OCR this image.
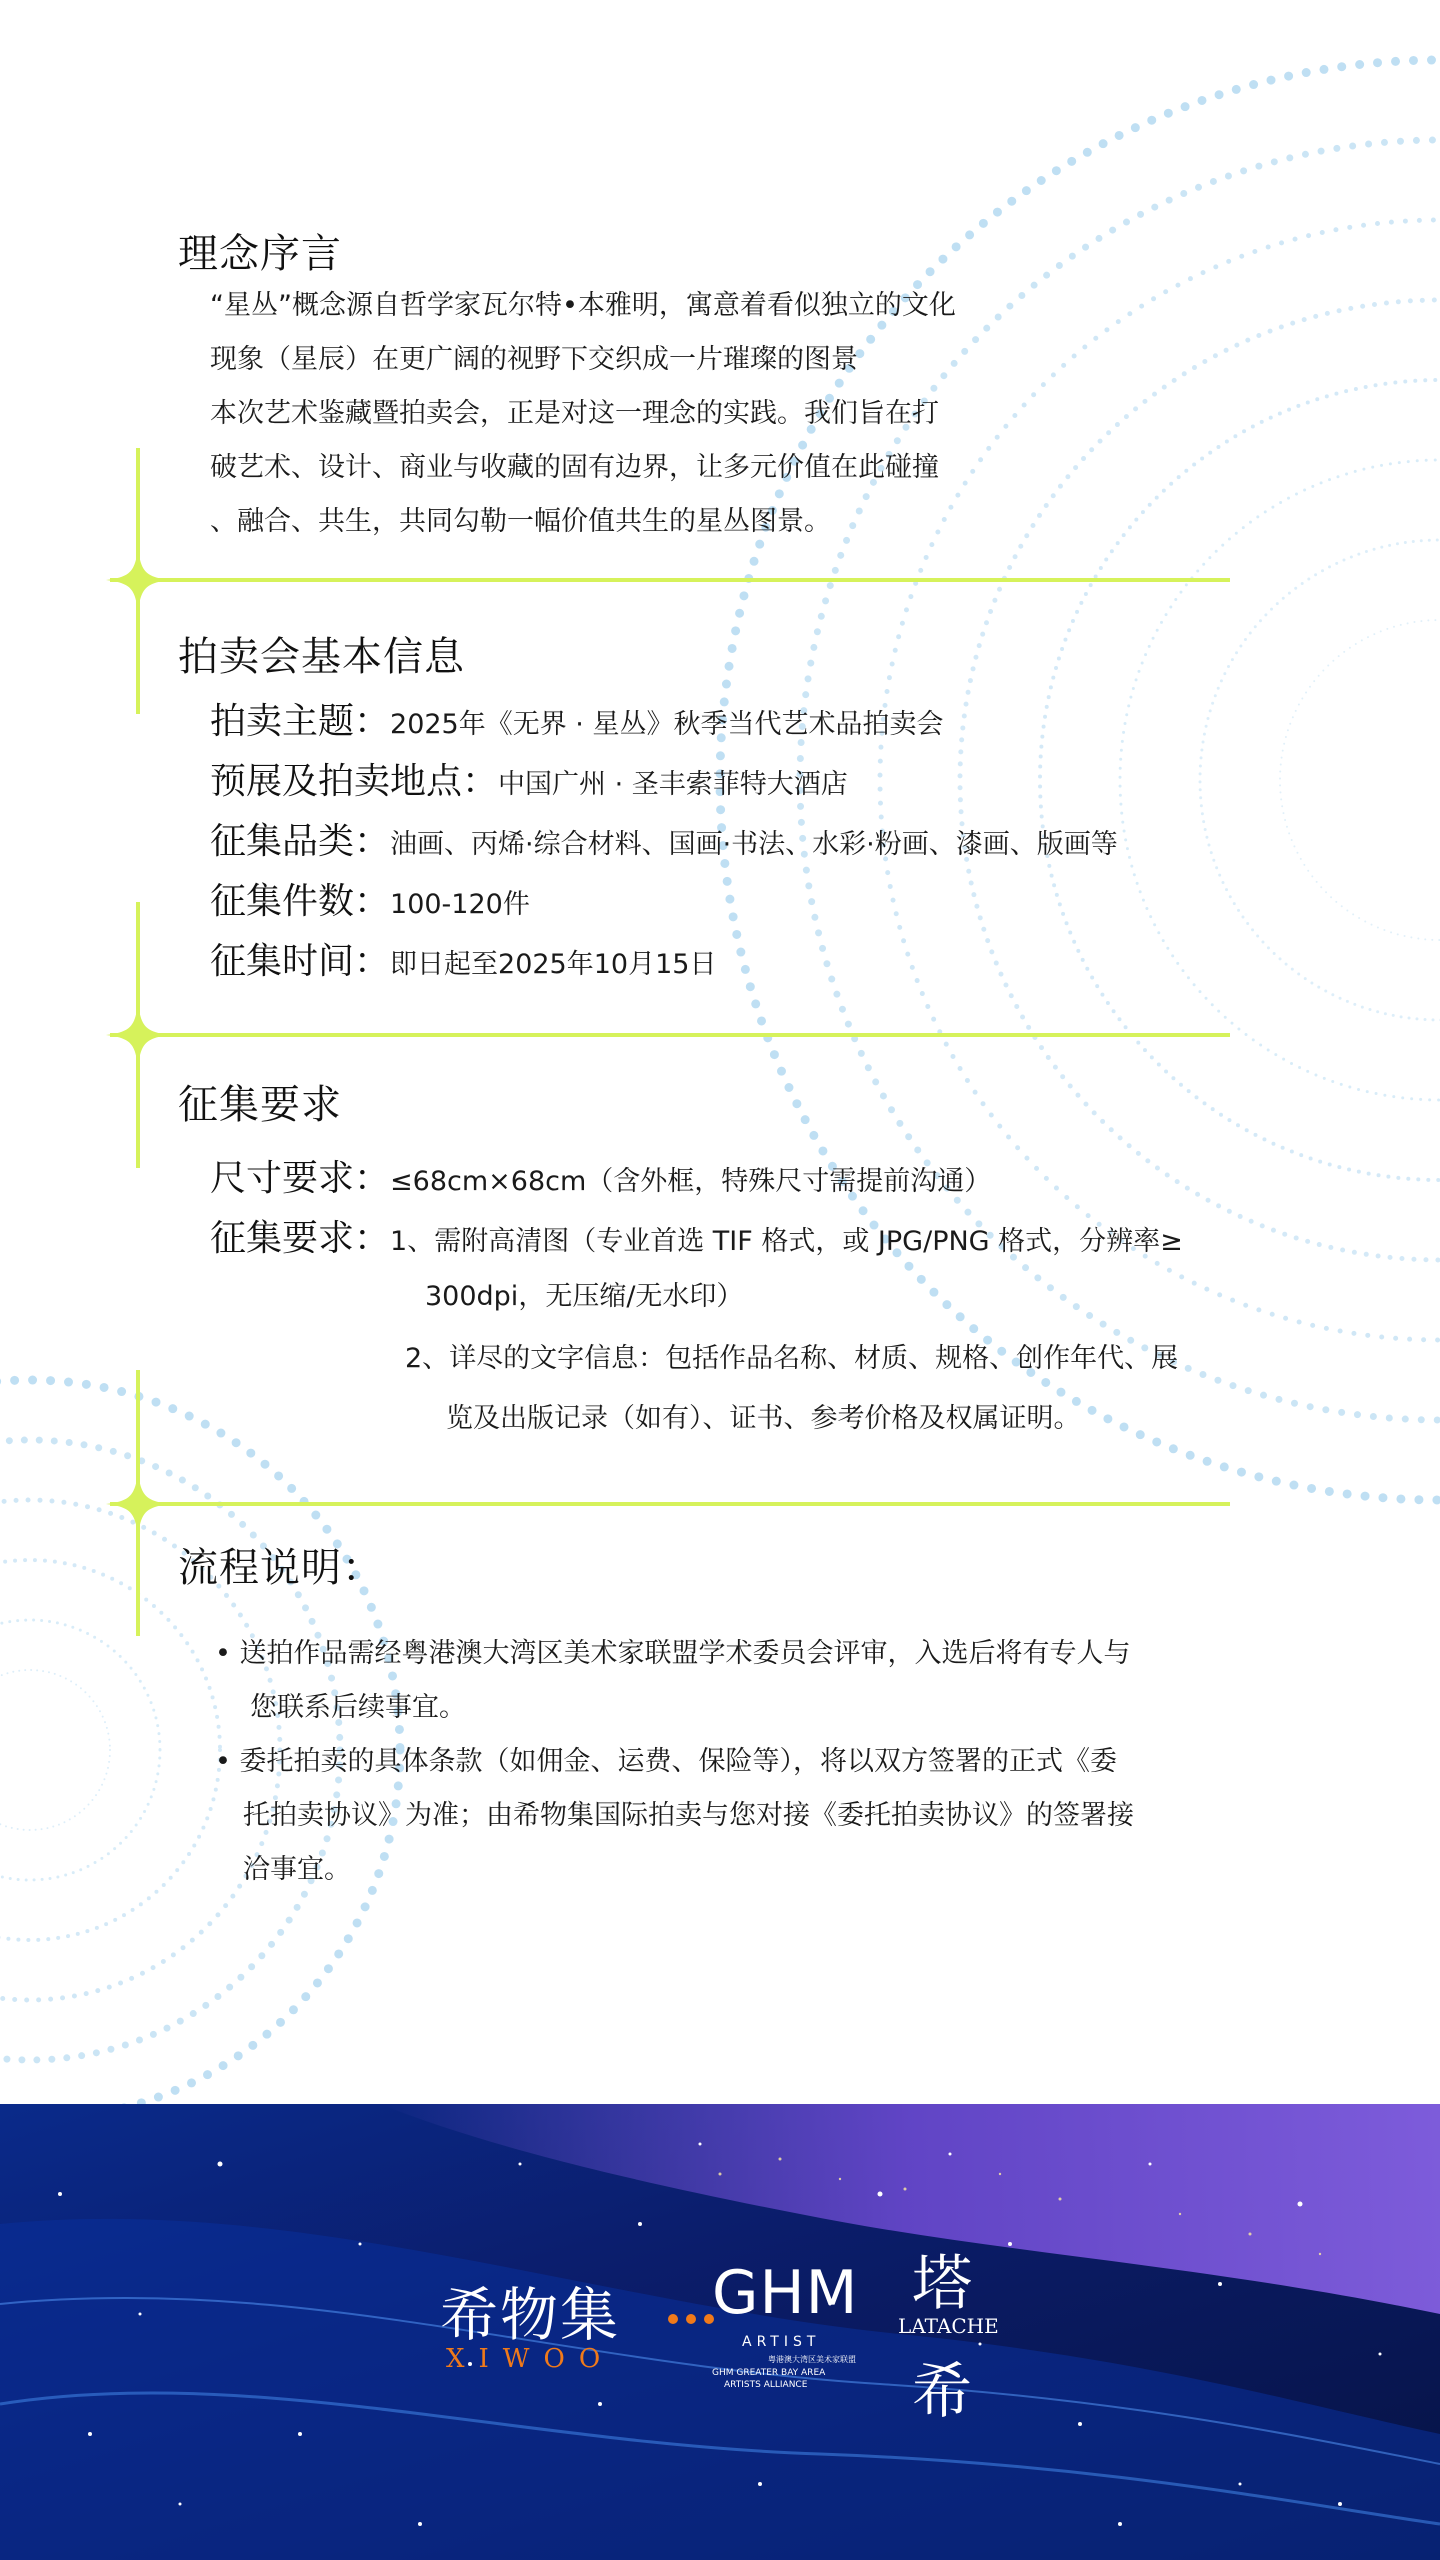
理念序言

“星丛”概念源自哲学家瓦尔特•本雅明，寓意着看似独立的文化

现象（星辰）在更广阔的视野下交织成一片璀璨的图景

本次艺术鉴藏暨拍卖会，正是对这一理念的实践。我们旨在打

破艺术、设计、商业与收藏的固有边界，让多元价值在此碰撞

、融合、共生，共同勾勒一幅价值共生的星丛图景。

拍卖会基本信息
拍卖主题： 2025年《无界 · 星丛》秋季当代艺术品拍卖会
预展及拍卖地点： 中国广州 · 圣丰索菲特大酒店
征集品类： 油画、丙烯·综合材料、国画·书法、水彩·粉画、漆画、版画等
征集件数： 100-120件
征集时间： 即日起至2025年10月15日
征集要求
尺寸要求： ≤68cm×68cm（含外框，特殊尺寸需提前沟通）
征集要求： 1、需附高清图（专业首选 TIF 格式，或 JPG/PNG 格式，分辨率≥

300dpi，无压缩/无水印）

2、详尽的文字信息：包括作品名称、材质、规格、创作年代、展

览及出版记录（如有）、证书、参考价格及权属证明。

流程说明：

• 送拍作品需经粤港澳大湾区美术家联盟学术委员会评审，入选后将有专人与

您联系后续事宜。

• 委托拍卖的具体条款（如佣金、运费、保险等），将以双方签署的正式《委

托拍卖协议》为准；由希物集国际拍卖与您对接《委托拍卖协议》的签署接

洽事宜。

希物集
XIWOO
GHM
ARTIST
粤港澳大湾区美术家联盟
GHM GREATER BAY AREA
ARTISTS ALLIANCE
塔
LATACHE
希
